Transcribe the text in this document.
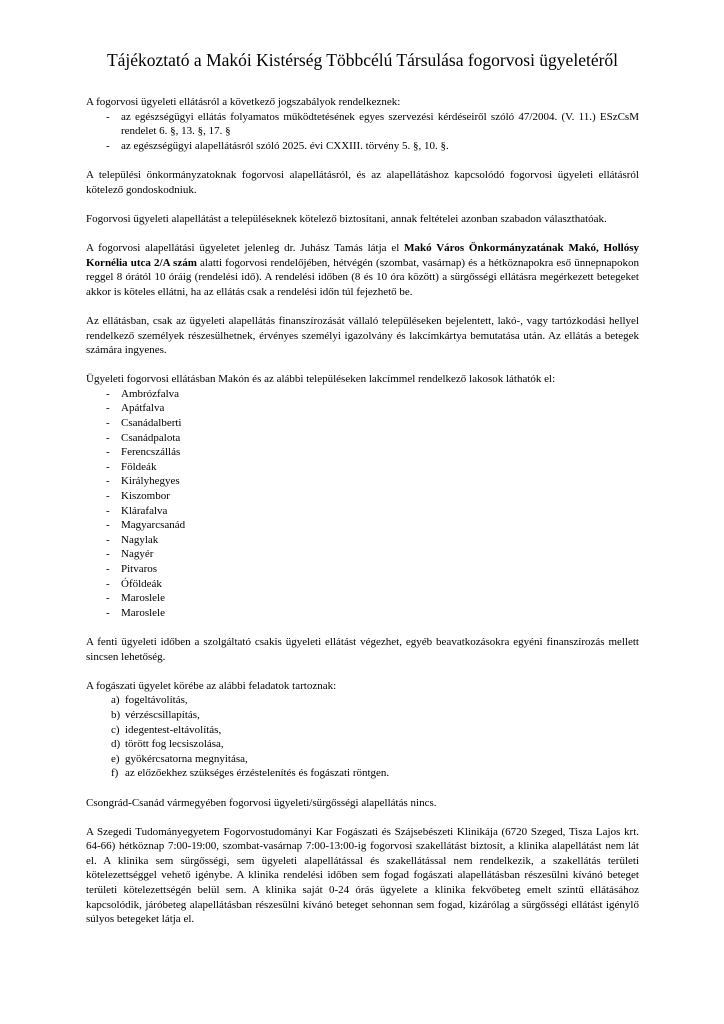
Tájékoztató a Makói Kistérség Többcélú Társulása fogorvosi ügyeletéről

A fogorvosi ügyeleti ellátásról a következő jogszabályok rendelkeznek:

-	az egészségügyi ellátás folyamatos működtetésének egyes szervezési kérdéseiről szóló 47/2004. (V. 11.) ESzCsM rendelet 6. §, 13. §, 17. §
-	az egészségügyi alapellátásról szóló 2025. évi CXXIII. törvény 5. §, 10. §.

A települési önkormányzatoknak fogorvosi alapellátásról, és az alapellátáshoz kapcsolódó fogorvosi ügyeleti ellátásról kötelező gondoskodniuk.

Fogorvosi ügyeleti alapellátást a településeknek kötelező biztosítani, annak feltételei azonban szabadon választhatóak.

A fogorvosi alapellátási ügyeletet jelenleg dr. Juhász Tamás látja el Makó Város Önkormányzatának Makó, Hollósy Kornélia utca 2/A szám alatti fogorvosi rendelőjében, hétvégén (szombat, vasárnap) és a hétköznapokra eső ünnepnapokon reggel 8 órától 10 óráig (rendelési idő). A rendelési időben (8 és 10 óra között) a sürgősségi ellátásra megérkezett betegeket akkor is köteles ellátni, ha az ellátás csak a rendelési időn túl fejezhető be.

Az ellátásban, csak az ügyeleti alapellátás finanszírozását vállaló településeken bejelentett, lakó-, vagy tartózkodási hellyel rendelkező személyek részesülhetnek, érvényes személyi igazolvány és lakcímkártya bemutatása után. Az ellátás a betegek számára ingyenes.

Ügyeleti fogorvosi ellátásban Makón és az alábbi településeken lakcímmel rendelkező lakosok láthatók el:

-	Ambrózfalva
-	Apátfalva
-	Csanádalberti
-	Csanádpalota
-	Ferencszállás
-	Földeák
-	Királyhegyes
-	Kiszombor
-	Klárafalva
-	Magyarcsanád
-	Nagylak
-	Nagyér
-	Pitvaros
-	Óföldeák
-	Maroslele
-	Maroslele

A fenti ügyeleti időben a szolgáltató csakis ügyeleti ellátást végezhet, egyéb beavatkozásokra egyéni finanszírozás mellett sincsen lehetőség.

A fogászati ügyelet körébe az alábbi feladatok tartoznak:

a) fogeltávolítás,
b) vérzéscsillapítás,
c) idegentest-eltávolítás,
d) törött fog lecsiszolása,
e) gyökércsatorna megnyitása,
f) az előzőekhez szükséges érzéstelenítés és fogászati röntgen.

Csongrád-Csanád vármegyében fogorvosi ügyeleti/sürgősségi alapellátás nincs.

A Szegedi Tudományegyetem Fogorvostudományi Kar Fogászati és Szájsebészeti Klinikája (6720 Szeged, Tisza Lajos krt. 64-66) hétköznap 7:00-19:00, szombat-vasárnap 7:00-13:00-ig fogorvosi szakellátást biztosít, a klinika alapellátást nem lát el. A klinika sem sürgősségi, sem ügyeleti alapellátással és szakellátással nem rendelkezik, a szakellátás területi kötelezettséggel vehető igénybe. A klinika rendelési időben sem fogad fogászati alapellátásban részesülni kívánó beteget területi kötelezettségén belül sem. A klinika saját 0-24 órás ügyelete a klinika fekvőbeteg emelt szintű ellátásához kapcsolódik, járóbeteg alapellátásban részesülni kívánó beteget sehonnan sem fogad, kizárólag a sürgősségi ellátást igénylő súlyos betegeket látja el.
